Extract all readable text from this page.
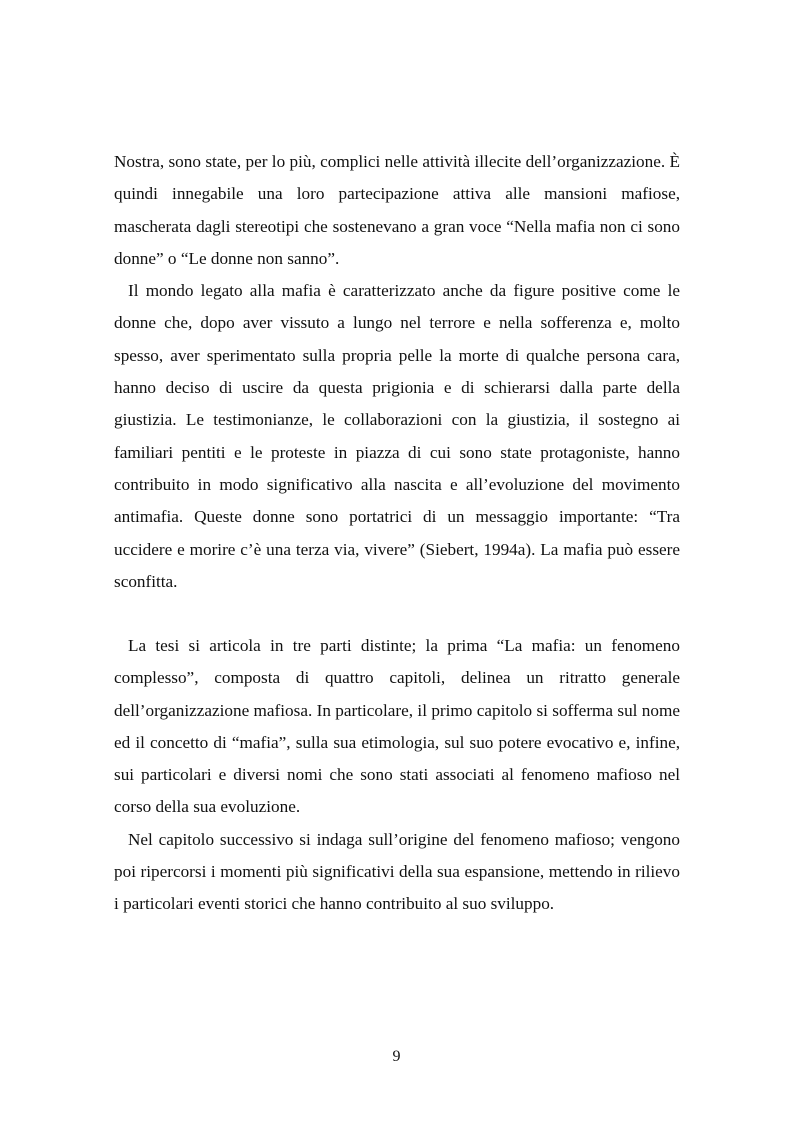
Nostra, sono state, per lo più, complici nelle attività illecite dell’organizzazione. È quindi innegabile una loro partecipazione attiva alle mansioni mafiose, mascherata dagli stereotipi che sostenevano a gran voce “Nella mafia non ci sono donne” o “Le donne non sanno”.

Il mondo legato alla mafia è caratterizzato anche da figure positive come le donne che, dopo aver vissuto a lungo nel terrore e nella sofferenza e, molto spesso, aver sperimentato sulla propria pelle la morte di qualche persona cara, hanno deciso di uscire da questa prigionia e di schierarsi dalla parte della giustizia. Le testimonianze, le collaborazioni con la giustizia, il sostegno ai familiari pentiti e le proteste in piazza di cui sono state protagoniste, hanno contribuito in modo significativo alla nascita e all’evoluzione del movimento antimafia. Queste donne sono portatrici di un messaggio importante: “Tra uccidere e morire c’è una terza via, vivere” (Siebert, 1994a). La mafia può essere sconfitta.

La tesi si articola in tre parti distinte; la prima “La mafia: un fenomeno complesso”, composta di quattro capitoli, delinea un ritratto generale dell’organizzazione mafiosa. In particolare, il primo capitolo si sofferma sul nome ed il concetto di “mafia”, sulla sua etimologia, sul suo potere evocativo e, infine, sui particolari e diversi nomi che sono stati associati al fenomeno mafioso nel corso della sua evoluzione.

Nel capitolo successivo si indaga sull’origine del fenomeno mafioso; vengono poi ripercorsi i momenti più significativi della sua espansione, mettendo in rilievo i particolari eventi storici che hanno contribuito al suo sviluppo.

9
